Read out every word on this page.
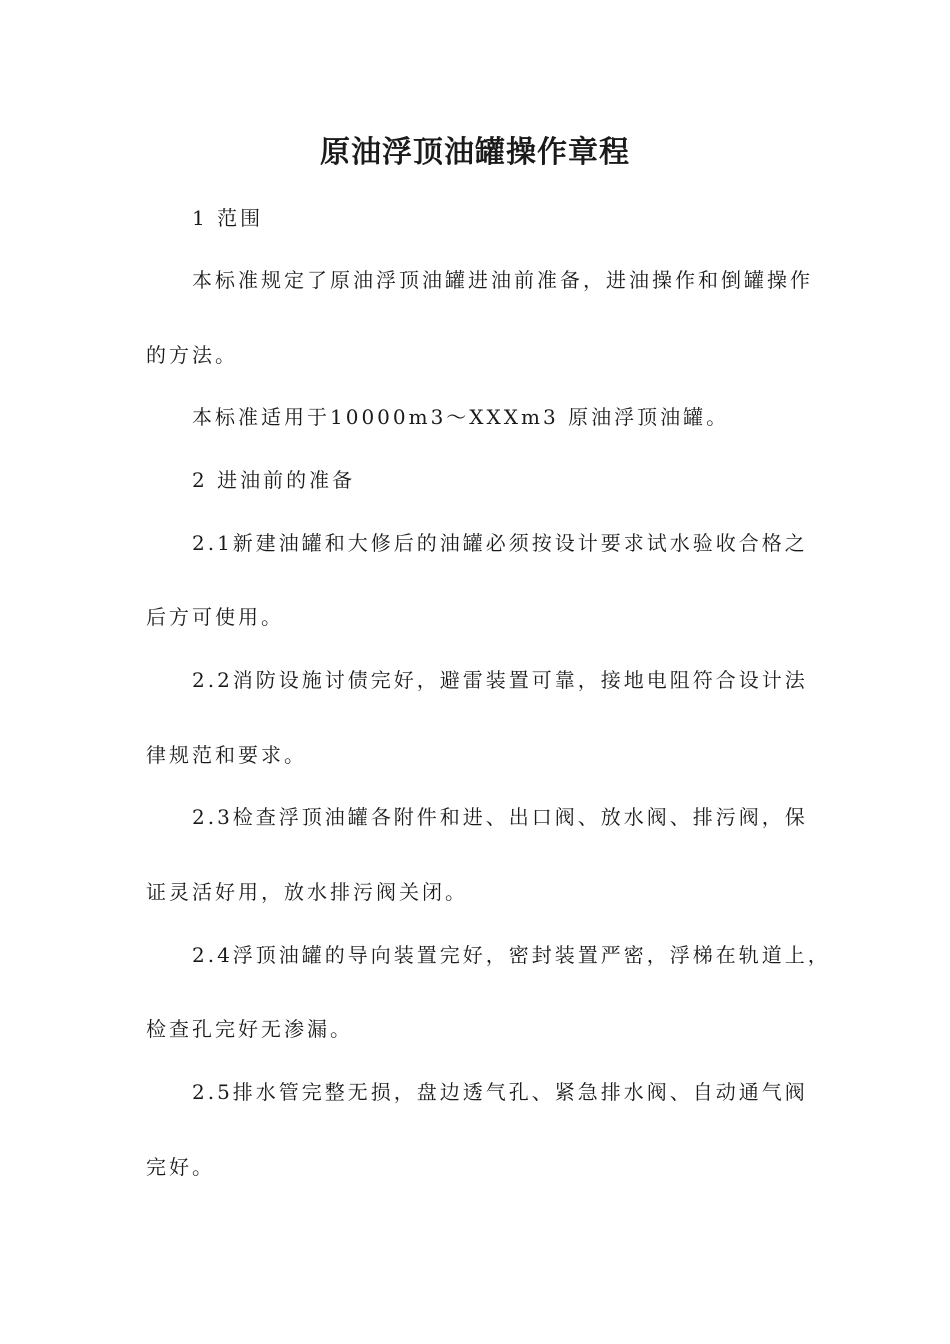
原油浮顶油罐操作章程
1 范围
本标准规定了原油浮顶油罐进油前准备，进油操作和倒罐操作
的方法。
本标准适用于10000m3～XXXm3 原油浮顶油罐。
2 进油前的准备
2.1新建油罐和大修后的油罐必须按设计要求试水验收合格之
后方可使用。
2.2消防设施讨债完好，避雷装置可靠，接地电阻符合设计法
律规范和要求。
2.3检查浮顶油罐各附件和进、出口阀、放水阀、排污阀，保
证灵活好用，放水排污阀关闭。
2.4浮顶油罐的导向装置完好，密封装置严密，浮梯在轨道上，
检查孔完好无渗漏。
2.5排水管完整无损，盘边透气孔、紧急排水阀、自动通气阀
完好。
